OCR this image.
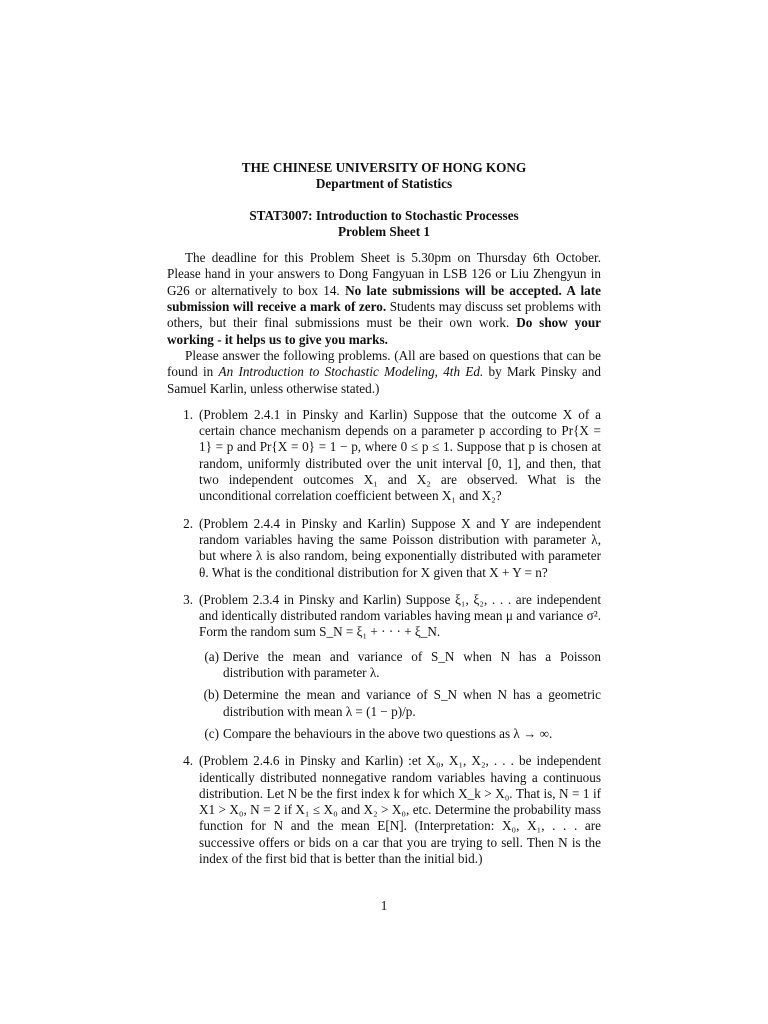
THE CHINESE UNIVERSITY OF HONG KONG
Department of Statistics
STAT3007: Introduction to Stochastic Processes
Problem Sheet 1

The deadline for this Problem Sheet is 5.30pm on Thursday 6th October. Please hand in your answers to Dong Fangyuan in LSB 126 or Liu Zhengyun in G26 or alternatively to box 14. No late submissions will be accepted. A late submission will receive a mark of zero. Students may discuss set problems with others, but their final submissions must be their own work. Do show your working - it helps us to give you marks.

Please answer the following problems. (All are based on questions that can be found in An Introduction to Stochastic Modeling, 4th Ed. by Mark Pinsky and Samuel Karlin, unless otherwise stated.)

1. (Problem 2.4.1 in Pinsky and Karlin) Suppose that the outcome X of a certain chance mechanism depends on a parameter p according to Pr{X = 1} = p and Pr{X = 0} = 1 − p, where 0 ≤ p ≤ 1. Suppose that p is chosen at random, uniformly distributed over the unit interval [0, 1], and then, that two independent outcomes X₁ and X₂ are observed. What is the unconditional correlation coefficient between X₁ and X₂?
2. (Problem 2.4.4 in Pinsky and Karlin) Suppose X and Y are independent random variables having the same Poisson distribution with parameter λ, but where λ is also random, being exponentially distributed with parameter θ. What is the conditional distribution for X given that X + Y = n?
3. (Problem 2.3.4 in Pinsky and Karlin) Suppose ξ₁, ξ₂, . . . are independent and identically distributed random variables having mean μ and variance σ². Form the random sum S_N = ξ₁ + · · · + ξ_N.
(a) Derive the mean and variance of S_N when N has a Poisson distribution with parameter λ.
(b) Determine the mean and variance of S_N when N has a geometric distribution with mean λ = (1 − p)/p.
(c) Compare the behaviours in the above two questions as λ → ∞.
4. (Problem 2.4.6 in Pinsky and Karlin) :et X₀, X₁, X₂, . . . be independent identically distributed nonnegative random variables having a continuous distribution. Let N be the first index k for which X_k > X₀. That is, N = 1 if X1 > X₀, N = 2 if X₁ ≤ X₀ and X₂ > X₀, etc. Determine the probability mass function for N and the mean E[N]. (Interpretation: X₀, X₁, . . . are successive offers or bids on a car that you are trying to sell. Then N is the index of the first bid that is better than the initial bid.)
1
